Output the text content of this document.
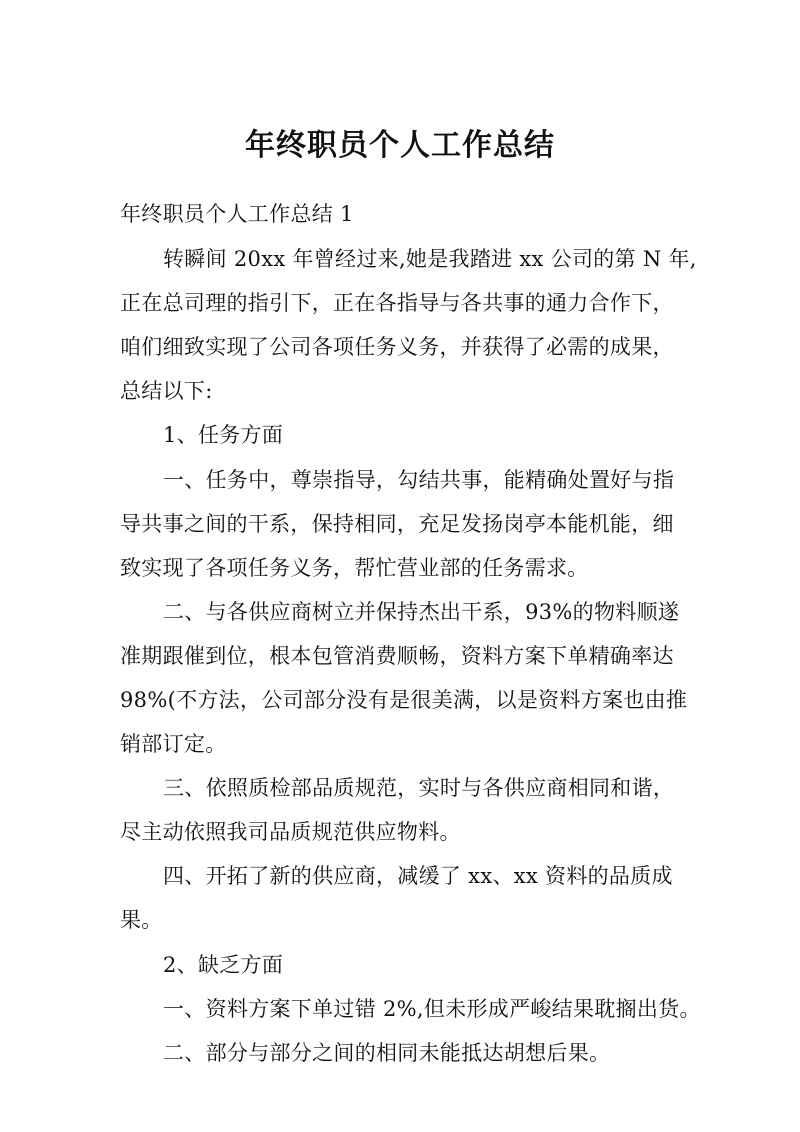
年终职员个人工作总结
年终职员个人工作总结 1
转瞬间 20xx 年曾经过来,她是我踏进 xx 公司的第 N 年,
正在总司理的指引下，正在各指导与各共事的通力合作下，
咱们细致实现了公司各项任务义务，并获得了必需的成果，
总结以下:
1、任务方面
一、任务中，尊崇指导，勾结共事，能精确处置好与指
导共事之间的干系，保持相同，充足发扬岗亭本能机能，细
致实现了各项任务义务，帮忙营业部的任务需求。
二、与各供应商树立并保持杰出干系，93%的物料顺遂
准期跟催到位，根本包管消费顺畅，资料方案下单精确率达
98%(不方法，公司部分没有是很美满，以是资料方案也由推
销部订定。
三、依照质检部品质规范，实时与各供应商相同和谐，
尽主动依照我司品质规范供应物料。
四、开拓了新的供应商，减缓了 xx、xx 资料的品质成
果。
2、缺乏方面
一、资料方案下单过错 2%,但未形成严峻结果耽搁出货。
二、部分与部分之间的相同未能抵达胡想后果。
